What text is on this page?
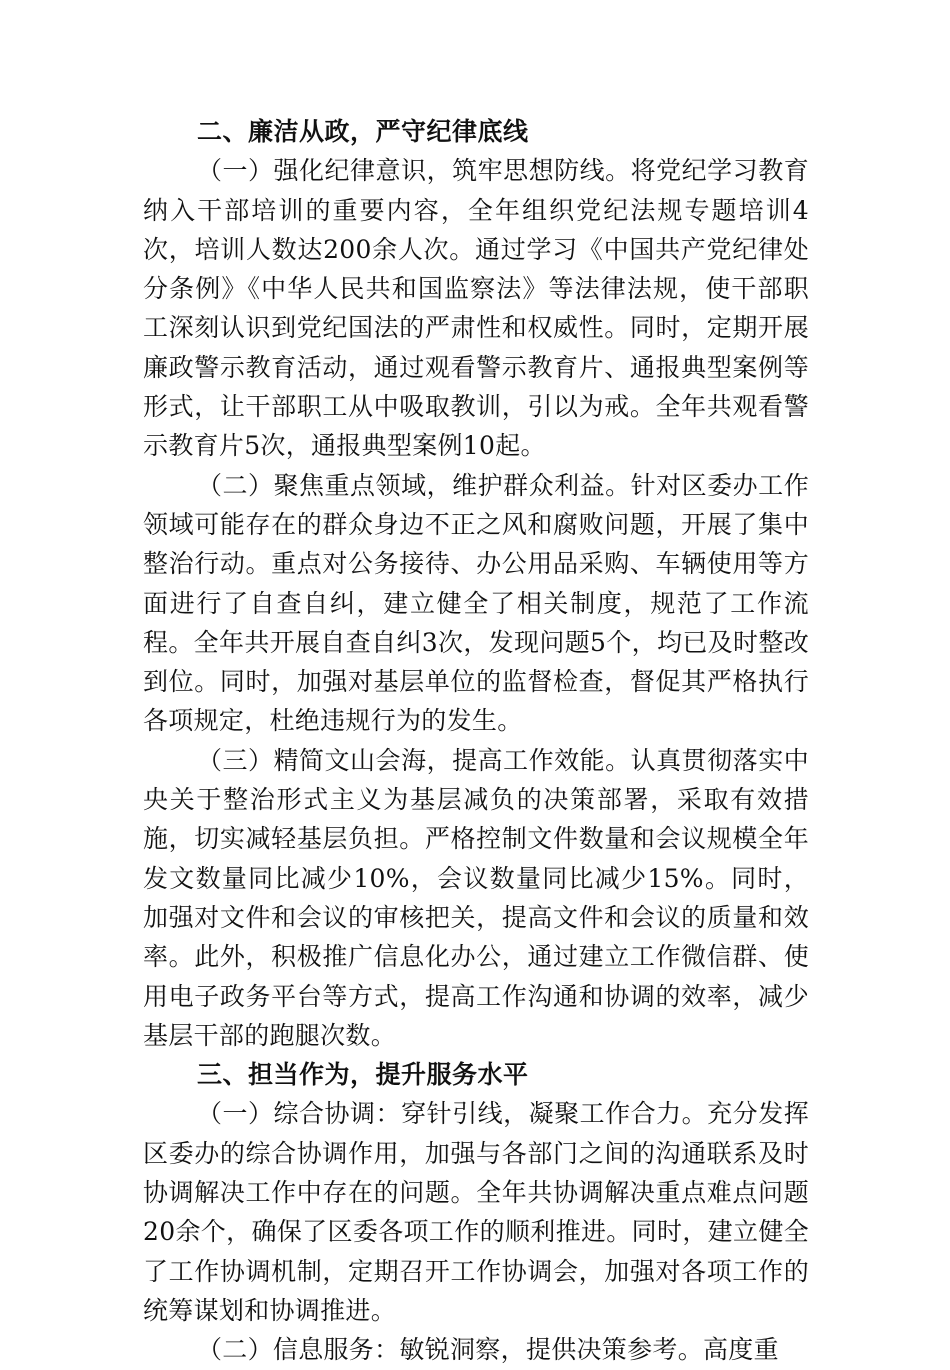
二、廉洁从政，严守纪律底线

（一）强化纪律意识，筑牢思想防线。将党纪学习教育纳入干部培训的重要内容，全年组织党纪法规专题培训4次，培训人数达200余人次。通过学习《中国共产党纪律处分条例》《中华人民共和国监察法》等法律法规，使干部职工深刻认识到党纪国法的严肃性和权威性。同时，定期开展廉政警示教育活动，通过观看警示教育片、通报典型案例等形式，让干部职工从中吸取教训，引以为戒。全年共观看警示教育片5次，通报典型案例10起。

（二）聚焦重点领域，维护群众利益。针对区委办工作领域可能存在的群众身边不正之风和腐败问题，开展了集中整治行动。重点对公务接待、办公用品采购、车辆使用等方面进行了自查自纠，建立健全了相关制度，规范了工作流程。全年共开展自查自纠3次，发现问题5个，均已及时整改到位。同时，加强对基层单位的监督检查，督促其严格执行各项规定，杜绝违规行为的发生。

（三）精简文山会海，提高工作效能。认真贯彻落实中央关于整治形式主义为基层减负的决策部署，采取有效措施，切实减轻基层负担。严格控制文件数量和会议规模全年发文数量同比减少10%，会议数量同比减少15%。同时，加强对文件和会议的审核把关，提高文件和会议的质量和效率。此外，积极推广信息化办公，通过建立工作微信群、使用电子政务平台等方式，提高工作沟通和协调的效率，减少基层干部的跑腿次数。

三、担当作为，提升服务水平

（一）综合协调：穿针引线，凝聚工作合力。充分发挥区委办的综合协调作用，加强与各部门之间的沟通联系及时协调解决工作中存在的问题。全年共协调解决重点难点问题20余个，确保了区委各项工作的顺利推进。同时，建立健全了工作协调机制，定期召开工作协调会，加强对各项工作的统筹谋划和协调推进。

（二）信息服务：敏锐洞察，提供决策参考。高度重
